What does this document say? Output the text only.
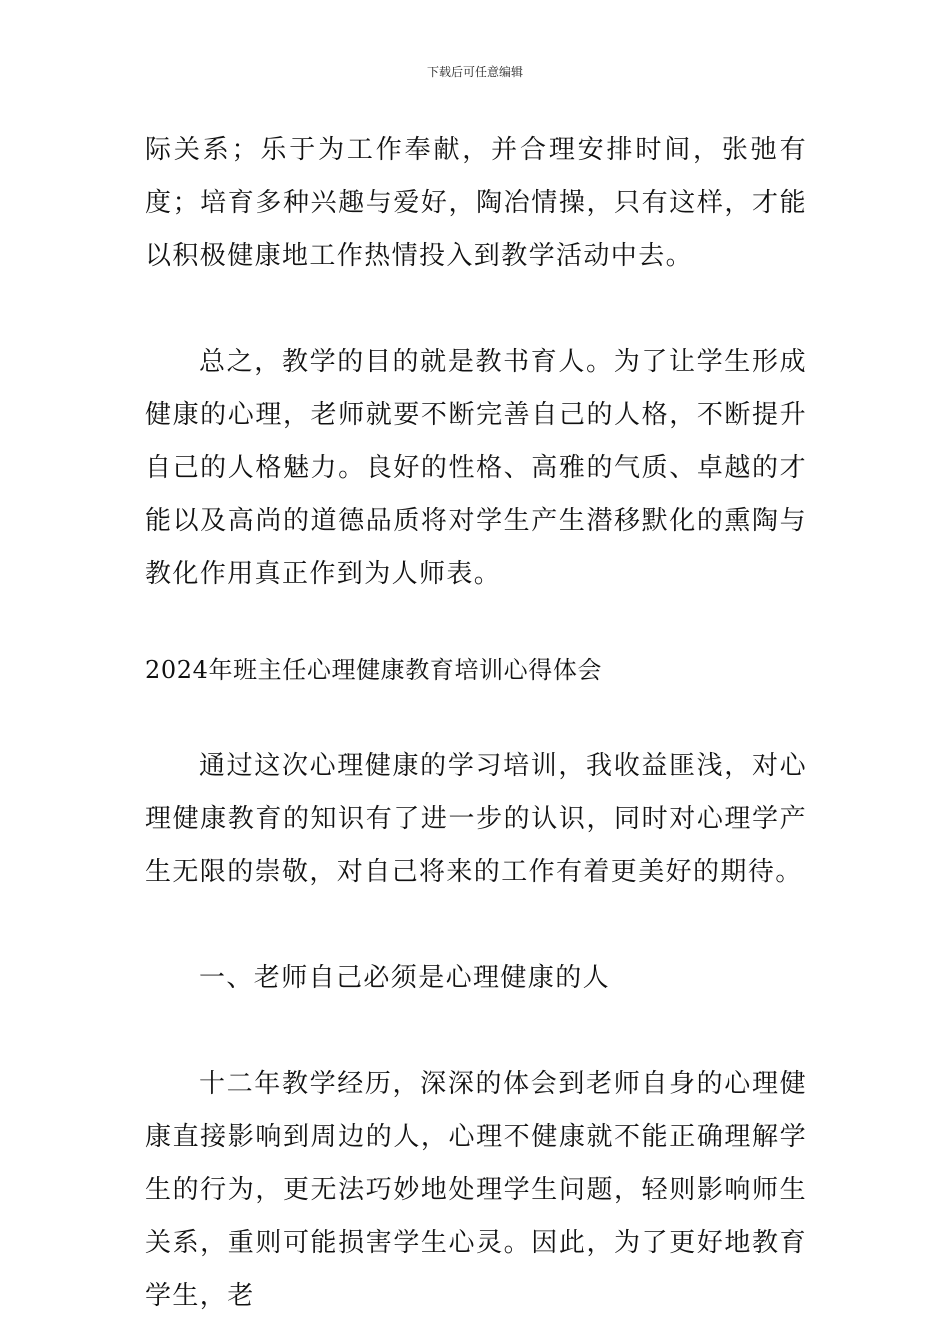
下载后可任意编辑

际关系；乐于为工作奉献，并合理安排时间，张弛有度；培育多种兴趣与爱好，陶冶情操，只有这样，才能以积极健康地工作热情投入到教学活动中去。

总之，教学的目的就是教书育人。为了让学生形成健康的心理，老师就要不断完善自己的人格，不断提升自己的人格魅力。良好的性格、高雅的气质、卓越的才能以及高尚的道德品质将对学生产生潜移默化的熏陶与教化作用真正作到为人师表。

2024年班主任心理健康教育培训心得体会

通过这次心理健康的学习培训，我收益匪浅，对心理健康教育的知识有了进一步的认识，同时对心理学产生无限的崇敬，对自己将来的工作有着更美好的期待。

一、老师自己必须是心理健康的人

十二年教学经历，深深的体会到老师自身的心理健康直接影响到周边的人，心理不健康就不能正确理解学生的行为，更无法巧妙地处理学生问题，轻则影响师生关系，重则可能损害学生心灵。因此，为了更好地教育学生，老
